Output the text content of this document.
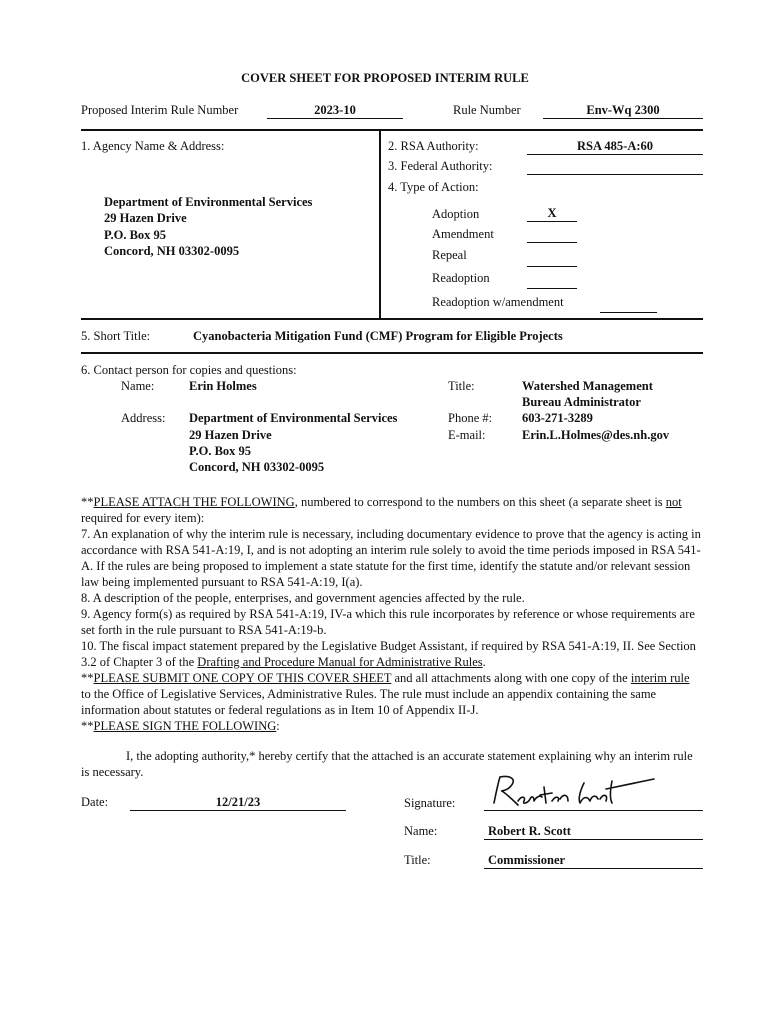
COVER SHEET FOR PROPOSED INTERIM RULE
Proposed Interim Rule Number	2023-10	Rule Number	Env-Wq 2300
1. Agency Name & Address:
Department of Environmental Services
29 Hazen Drive
P.O. Box 95
Concord, NH 03302-0095
2. RSA Authority:	RSA 485-A:60
3. Federal Authority:
4. Type of Action:
Adoption	X
Amendment
Repeal
Readoption
Readoption w/amendment
5. Short Title:	Cyanobacteria Mitigation Fund (CMF) Program for Eligible Projects
6. Contact person for copies and questions:
Name:	Erin Holmes	Title:	Watershed Management
Bureau Administrator
Address: Department of Environmental Services
29 Hazen Drive
P.O. Box 95
Concord, NH 03302-0095
Phone #: 603-271-3289
E-mail:	Erin.L.Holmes@des.nh.gov

**PLEASE ATTACH THE FOLLOWING, numbered to correspond to the numbers on this sheet (a separate sheet is not required for every item):

7. An explanation of why the interim rule is necessary, including documentary evidence to prove that the agency is acting in accordance with RSA 541-A:19, I, and is not adopting an interim rule solely to avoid the time periods imposed in RSA 541-A. If the rules are being proposed to implement a state statute for the first time, identify the statute and/or relevant session law being implemented pursuant to RSA 541-A:19, I(a).

8. A description of the people, enterprises, and government agencies affected by the rule.

9. Agency form(s) as required by RSA 541-A:19, IV-a which this rule incorporates by reference or whose requirements are set forth in the rule pursuant to RSA 541-A:19-b.

10. The fiscal impact statement prepared by the Legislative Budget Assistant, if required by RSA 541-A:19, II. See Section 3.2 of Chapter 3 of the Drafting and Procedure Manual for Administrative Rules.

**PLEASE SUBMIT ONE COPY OF THIS COVER SHEET and all attachments along with one copy of the interim rule to the Office of Legislative Services, Administrative Rules. The rule must include an appendix containing the same information about statutes or federal regulations as in Item 10 of Appendix II-J.

**PLEASE SIGN THE FOLLOWING:

I, the adopting authority,* hereby certify that the attached is an accurate statement explaining why an interim rule is necessary.
Date:	12/21/23	Signature:
Name:	Robert R. Scott
Title:	Commissioner
